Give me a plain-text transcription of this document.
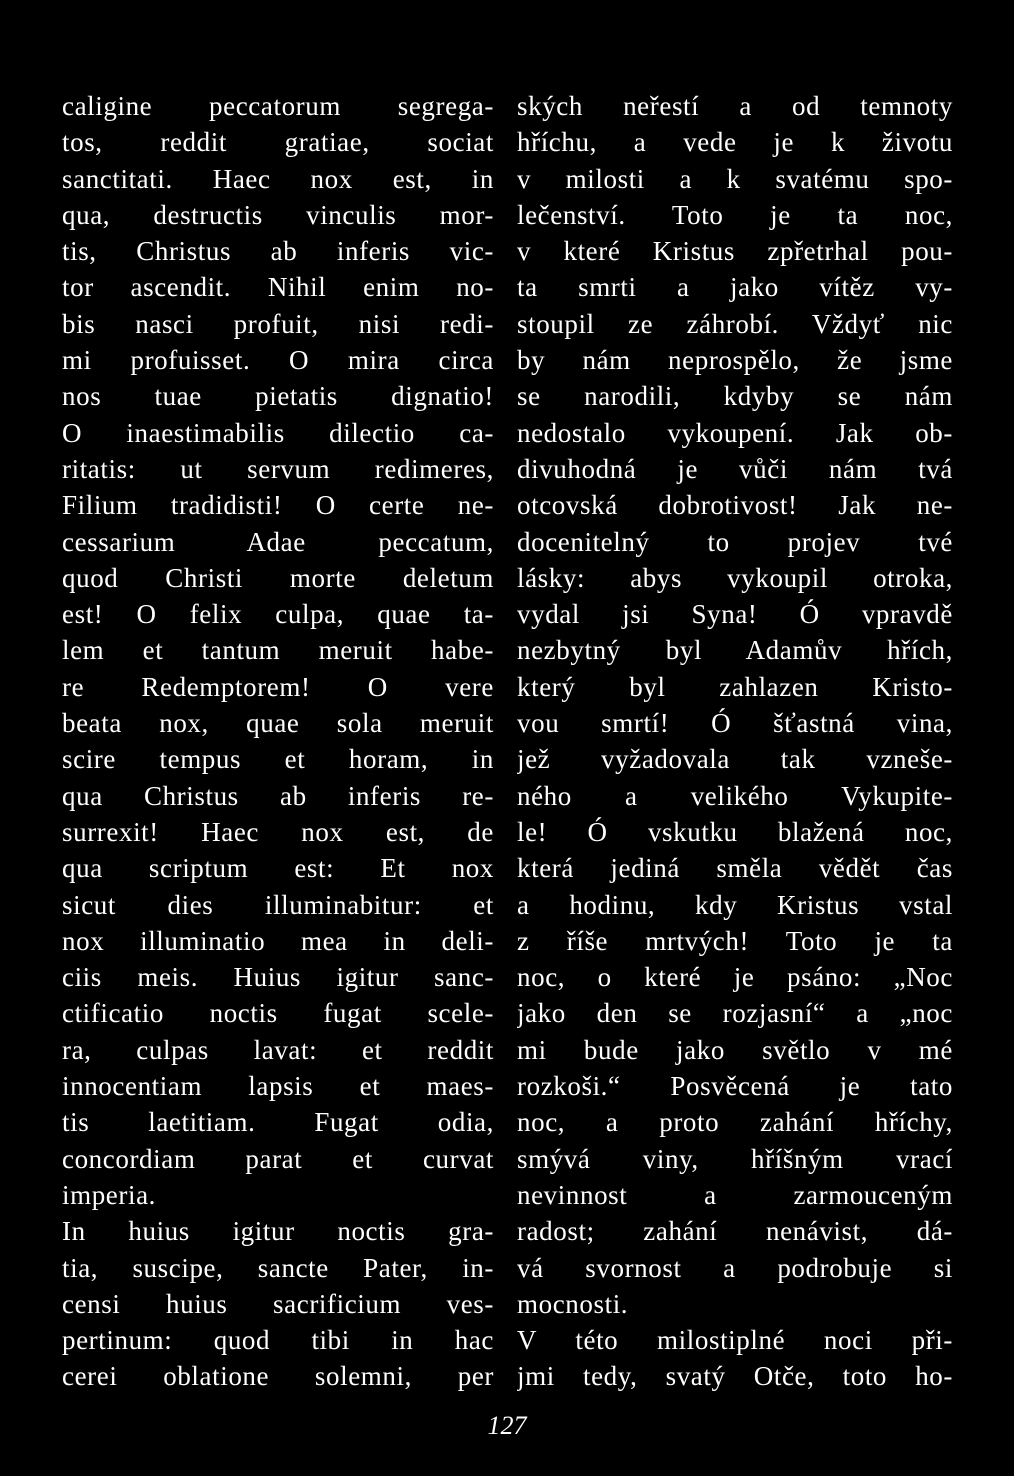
caligine peccatorum segrega-
tos, reddit gratiae, sociat
sanctitati. Haec nox est, in
qua, destructis vinculis mor-
tis, Christus ab inferis vic-
tor ascendit. Nihil enim no-
bis nasci profuit, nisi redi-
mi profuisset. O mira circa
nos tuae pietatis dignatio!
O inaestimabilis dilectio ca-
ritatis: ut servum redimeres,
Filium tradidisti! O certe ne-
cessarium Adae peccatum,
quod Christi morte deletum
est! O felix culpa, quae ta-
lem et tantum meruit habe-
re Redemptorem! O vere
beata nox, quae sola meruit
scire tempus et horam, in
qua Christus ab inferis re-
surrexit! Haec nox est, de
qua scriptum est: Et nox
sicut dies illuminabitur: et
nox illuminatio mea in deli-
ciis meis. Huius igitur sanc-
ctificatio noctis fugat scele-
ra, culpas lavat: et reddit
innocentiam lapsis et maes-
tis laetitiam. Fugat odia,
concordiam parat et curvat
imperia.
In huius igitur noctis gra-
tia, suscipe, sancte Pater, in-
censi huius sacrificium ves-
pertinum: quod tibi in hac
cerei oblatione solemni, per
ských neřestí a od temnoty
hříchu, a vede je k životu
v milosti a k svatému spo-
lečenství. Toto je ta noc,
v které Kristus zpřetrhal pou-
ta smrti a jako vítěz vy-
stoupil ze záhrobí. Vždyť nic
by nám neprospělo, že jsme
se narodili, kdyby se nám
nedostalo vykoupení. Jak ob-
divuhodná je vůči nám tvá
otcovská dobrotivost! Jak ne-
docenitelný to projev tvé
lásky: abys vykoupil otroka,
vydal jsi Syna! Ó vpravdě
nezbytný byl Adamův hřích,
který byl zahlazen Kristo-
vou smrtí! Ó šťastná vina,
jež vyžadovala tak vzneše-
ného a velikého Vykupite-
le! Ó vskutku blažená noc,
která jediná směla vědět čas
a hodinu, kdy Kristus vstal
z říše mrtvých! Toto je ta
noc, o které je psáno: „Noc
jako den se rozjasní“ a „noc
mi bude jako světlo v mé
rozkoši.“ Posvěcená je tato
noc, a proto zahání hříchy,
smývá viny, hříšným vrací
nevinnost a zarmouceným
radost; zahání nenávist, dá-
vá svornost a podrobuje si
mocnosti.
V této milostiplné noci při-
jmi tedy, svatý Otče, toto ho-
127
